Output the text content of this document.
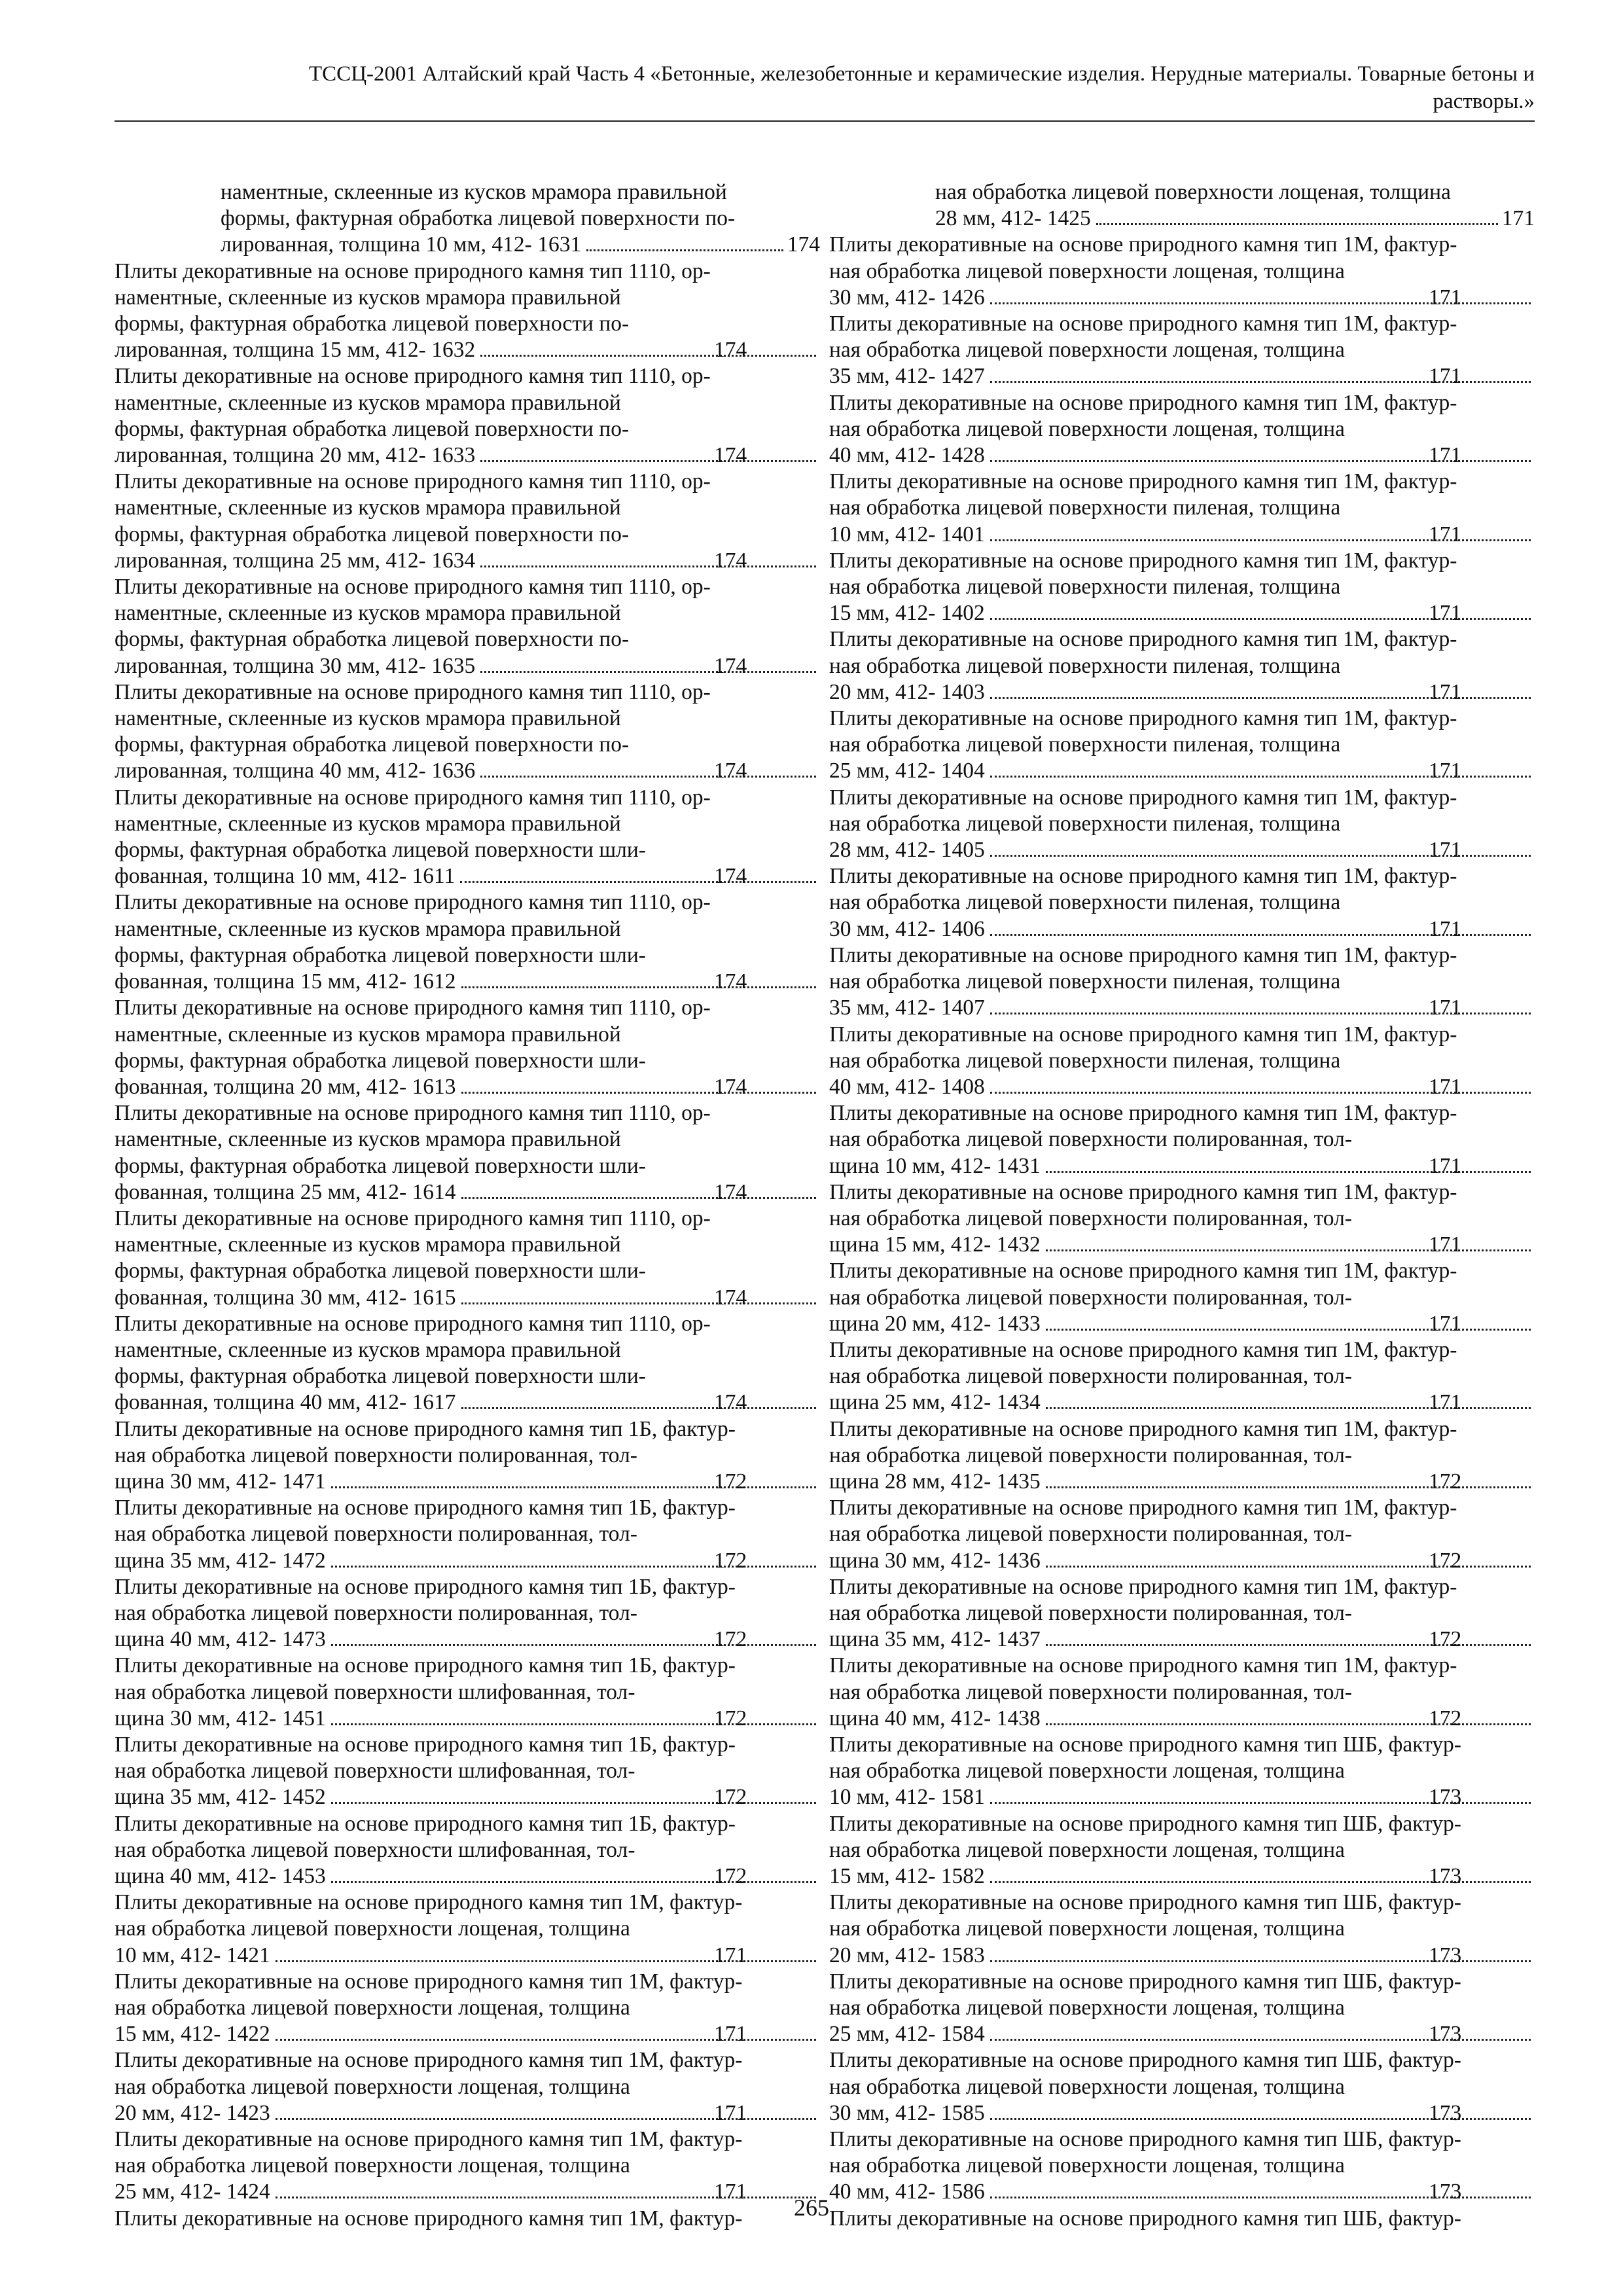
ТССЦ-2001 Алтайский край Часть 4 «Бетонные, железобетонные и керамические изделия. Нерудные материалы. Товарные бетоны и
растворы.»
наментные, склеенные из кусков мрамора правильной
формы, фактурная обработка лицевой поверхности по-
лированная, толщина 10 мм, 412- 1631	174
Плиты декоративные на основе природного камня тип 1110, ор-
наментные, склеенные из кусков мрамора правильной
формы, фактурная обработка лицевой поверхности по-
лированная, толщина 15 мм, 412- 1632	174
Плиты декоративные на основе природного камня тип 1110, ор-
наментные, склеенные из кусков мрамора правильной
формы, фактурная обработка лицевой поверхности по-
лированная, толщина 20 мм, 412- 1633	174
Плиты декоративные на основе природного камня тип 1110, ор-
наментные, склеенные из кусков мрамора правильной
формы, фактурная обработка лицевой поверхности по-
лированная, толщина 25 мм, 412- 1634	174
Плиты декоративные на основе природного камня тип 1110, ор-
наментные, склеенные из кусков мрамора правильной
формы, фактурная обработка лицевой поверхности по-
лированная, толщина 30 мм, 412- 1635	174
Плиты декоративные на основе природного камня тип 1110, ор-
наментные, склеенные из кусков мрамора правильной
формы, фактурная обработка лицевой поверхности по-
лированная, толщина 40 мм, 412- 1636	174
Плиты декоративные на основе природного камня тип 1110, ор-
наментные, склеенные из кусков мрамора правильной
формы, фактурная обработка лицевой поверхности шли-
фованная, толщина 10 мм, 412- 1611	174
Плиты декоративные на основе природного камня тип 1110, ор-
наментные, склеенные из кусков мрамора правильной
формы, фактурная обработка лицевой поверхности шли-
фованная, толщина 15 мм, 412- 1612	174
Плиты декоративные на основе природного камня тип 1110, ор-
наментные, склеенные из кусков мрамора правильной
формы, фактурная обработка лицевой поверхности шли-
фованная, толщина 20 мм, 412- 1613	174
Плиты декоративные на основе природного камня тип 1110, ор-
наментные, склеенные из кусков мрамора правильной
формы, фактурная обработка лицевой поверхности шли-
фованная, толщина 25 мм, 412- 1614	174
Плиты декоративные на основе природного камня тип 1110, ор-
наментные, склеенные из кусков мрамора правильной
формы, фактурная обработка лицевой поверхности шли-
фованная, толщина 30 мм, 412- 1615	174
Плиты декоративные на основе природного камня тип 1110, ор-
наментные, склеенные из кусков мрамора правильной
формы, фактурная обработка лицевой поверхности шли-
фованная, толщина 40 мм, 412- 1617	174
Плиты декоративные на основе природного камня тип 1Б, фактур-
ная обработка лицевой поверхности полированная, тол-
щина 30 мм, 412- 1471	172
Плиты декоративные на основе природного камня тип 1Б, фактур-
ная обработка лицевой поверхности полированная, тол-
щина 35 мм, 412- 1472	172
Плиты декоративные на основе природного камня тип 1Б, фактур-
ная обработка лицевой поверхности полированная, тол-
щина 40 мм, 412- 1473	172
Плиты декоративные на основе природного камня тип 1Б, фактур-
ная обработка лицевой поверхности шлифованная, тол-
щина 30 мм, 412- 1451	172
Плиты декоративные на основе природного камня тип 1Б, фактур-
ная обработка лицевой поверхности шлифованная, тол-
щина 35 мм, 412- 1452	172
Плиты декоративные на основе природного камня тип 1Б, фактур-
ная обработка лицевой поверхности шлифованная, тол-
щина 40 мм, 412- 1453	172
Плиты декоративные на основе природного камня тип 1М, фактур-
ная обработка лицевой поверхности лощеная, толщина
10 мм, 412- 1421	171
Плиты декоративные на основе природного камня тип 1М, фактур-
ная обработка лицевой поверхности лощеная, толщина
15 мм, 412- 1422	171
Плиты декоративные на основе природного камня тип 1М, фактур-
ная обработка лицевой поверхности лощеная, толщина
20 мм, 412- 1423	171
Плиты декоративные на основе природного камня тип 1М, фактур-
ная обработка лицевой поверхности лощеная, толщина
25 мм, 412- 1424	171
Плиты декоративные на основе природного камня тип 1М, фактур-
ная обработка лицевой поверхности лощеная, толщина
28 мм, 412- 1425	171
Плиты декоративные на основе природного камня тип 1М, фактур-
ная обработка лицевой поверхности лощеная, толщина
30 мм, 412- 1426	171
Плиты декоративные на основе природного камня тип 1М, фактур-
ная обработка лицевой поверхности лощеная, толщина
35 мм, 412- 1427	171
Плиты декоративные на основе природного камня тип 1М, фактур-
ная обработка лицевой поверхности лощеная, толщина
40 мм, 412- 1428	171
Плиты декоративные на основе природного камня тип 1М, фактур-
ная обработка лицевой поверхности пиленая, толщина
10 мм, 412- 1401	171
Плиты декоративные на основе природного камня тип 1М, фактур-
ная обработка лицевой поверхности пиленая, толщина
15 мм, 412- 1402	171
Плиты декоративные на основе природного камня тип 1М, фактур-
ная обработка лицевой поверхности пиленая, толщина
20 мм, 412- 1403	171
Плиты декоративные на основе природного камня тип 1М, фактур-
ная обработка лицевой поверхности пиленая, толщина
25 мм, 412- 1404	171
Плиты декоративные на основе природного камня тип 1М, фактур-
ная обработка лицевой поверхности пиленая, толщина
28 мм, 412- 1405	171
Плиты декоративные на основе природного камня тип 1М, фактур-
ная обработка лицевой поверхности пиленая, толщина
30 мм, 412- 1406	171
Плиты декоративные на основе природного камня тип 1М, фактур-
ная обработка лицевой поверхности пиленая, толщина
35 мм, 412- 1407	171
Плиты декоративные на основе природного камня тип 1М, фактур-
ная обработка лицевой поверхности пиленая, толщина
40 мм, 412- 1408	171
Плиты декоративные на основе природного камня тип 1М, фактур-
ная обработка лицевой поверхности полированная, тол-
щина 10 мм, 412- 1431	171
Плиты декоративные на основе природного камня тип 1М, фактур-
ная обработка лицевой поверхности полированная, тол-
щина 15 мм, 412- 1432	171
Плиты декоративные на основе природного камня тип 1М, фактур-
ная обработка лицевой поверхности полированная, тол-
щина 20 мм, 412- 1433	171
Плиты декоративные на основе природного камня тип 1М, фактур-
ная обработка лицевой поверхности полированная, тол-
щина 25 мм, 412- 1434	171
Плиты декоративные на основе природного камня тип 1М, фактур-
ная обработка лицевой поверхности полированная, тол-
щина 28 мм, 412- 1435	172
Плиты декоративные на основе природного камня тип 1М, фактур-
ная обработка лицевой поверхности полированная, тол-
щина 30 мм, 412- 1436	172
Плиты декоративные на основе природного камня тип 1М, фактур-
ная обработка лицевой поверхности полированная, тол-
щина 35 мм, 412- 1437	172
Плиты декоративные на основе природного камня тип 1М, фактур-
ная обработка лицевой поверхности полированная, тол-
щина 40 мм, 412- 1438	172
Плиты декоративные на основе природного камня тип ШБ, фактур-
ная обработка лицевой поверхности лощеная, толщина
10 мм, 412- 1581	173
Плиты декоративные на основе природного камня тип ШБ, фактур-
ная обработка лицевой поверхности лощеная, толщина
15 мм, 412- 1582	173
Плиты декоративные на основе природного камня тип ШБ, фактур-
ная обработка лицевой поверхности лощеная, толщина
20 мм, 412- 1583	173
Плиты декоративные на основе природного камня тип ШБ, фактур-
ная обработка лицевой поверхности лощеная, толщина
25 мм, 412- 1584	173
Плиты декоративные на основе природного камня тип ШБ, фактур-
ная обработка лицевой поверхности лощеная, толщина
30 мм, 412- 1585	173
Плиты декоративные на основе природного камня тип ШБ, фактур-
ная обработка лицевой поверхности лощеная, толщина
40 мм, 412- 1586	173
Плиты декоративные на основе природного камня тип ШБ, фактур-
265
